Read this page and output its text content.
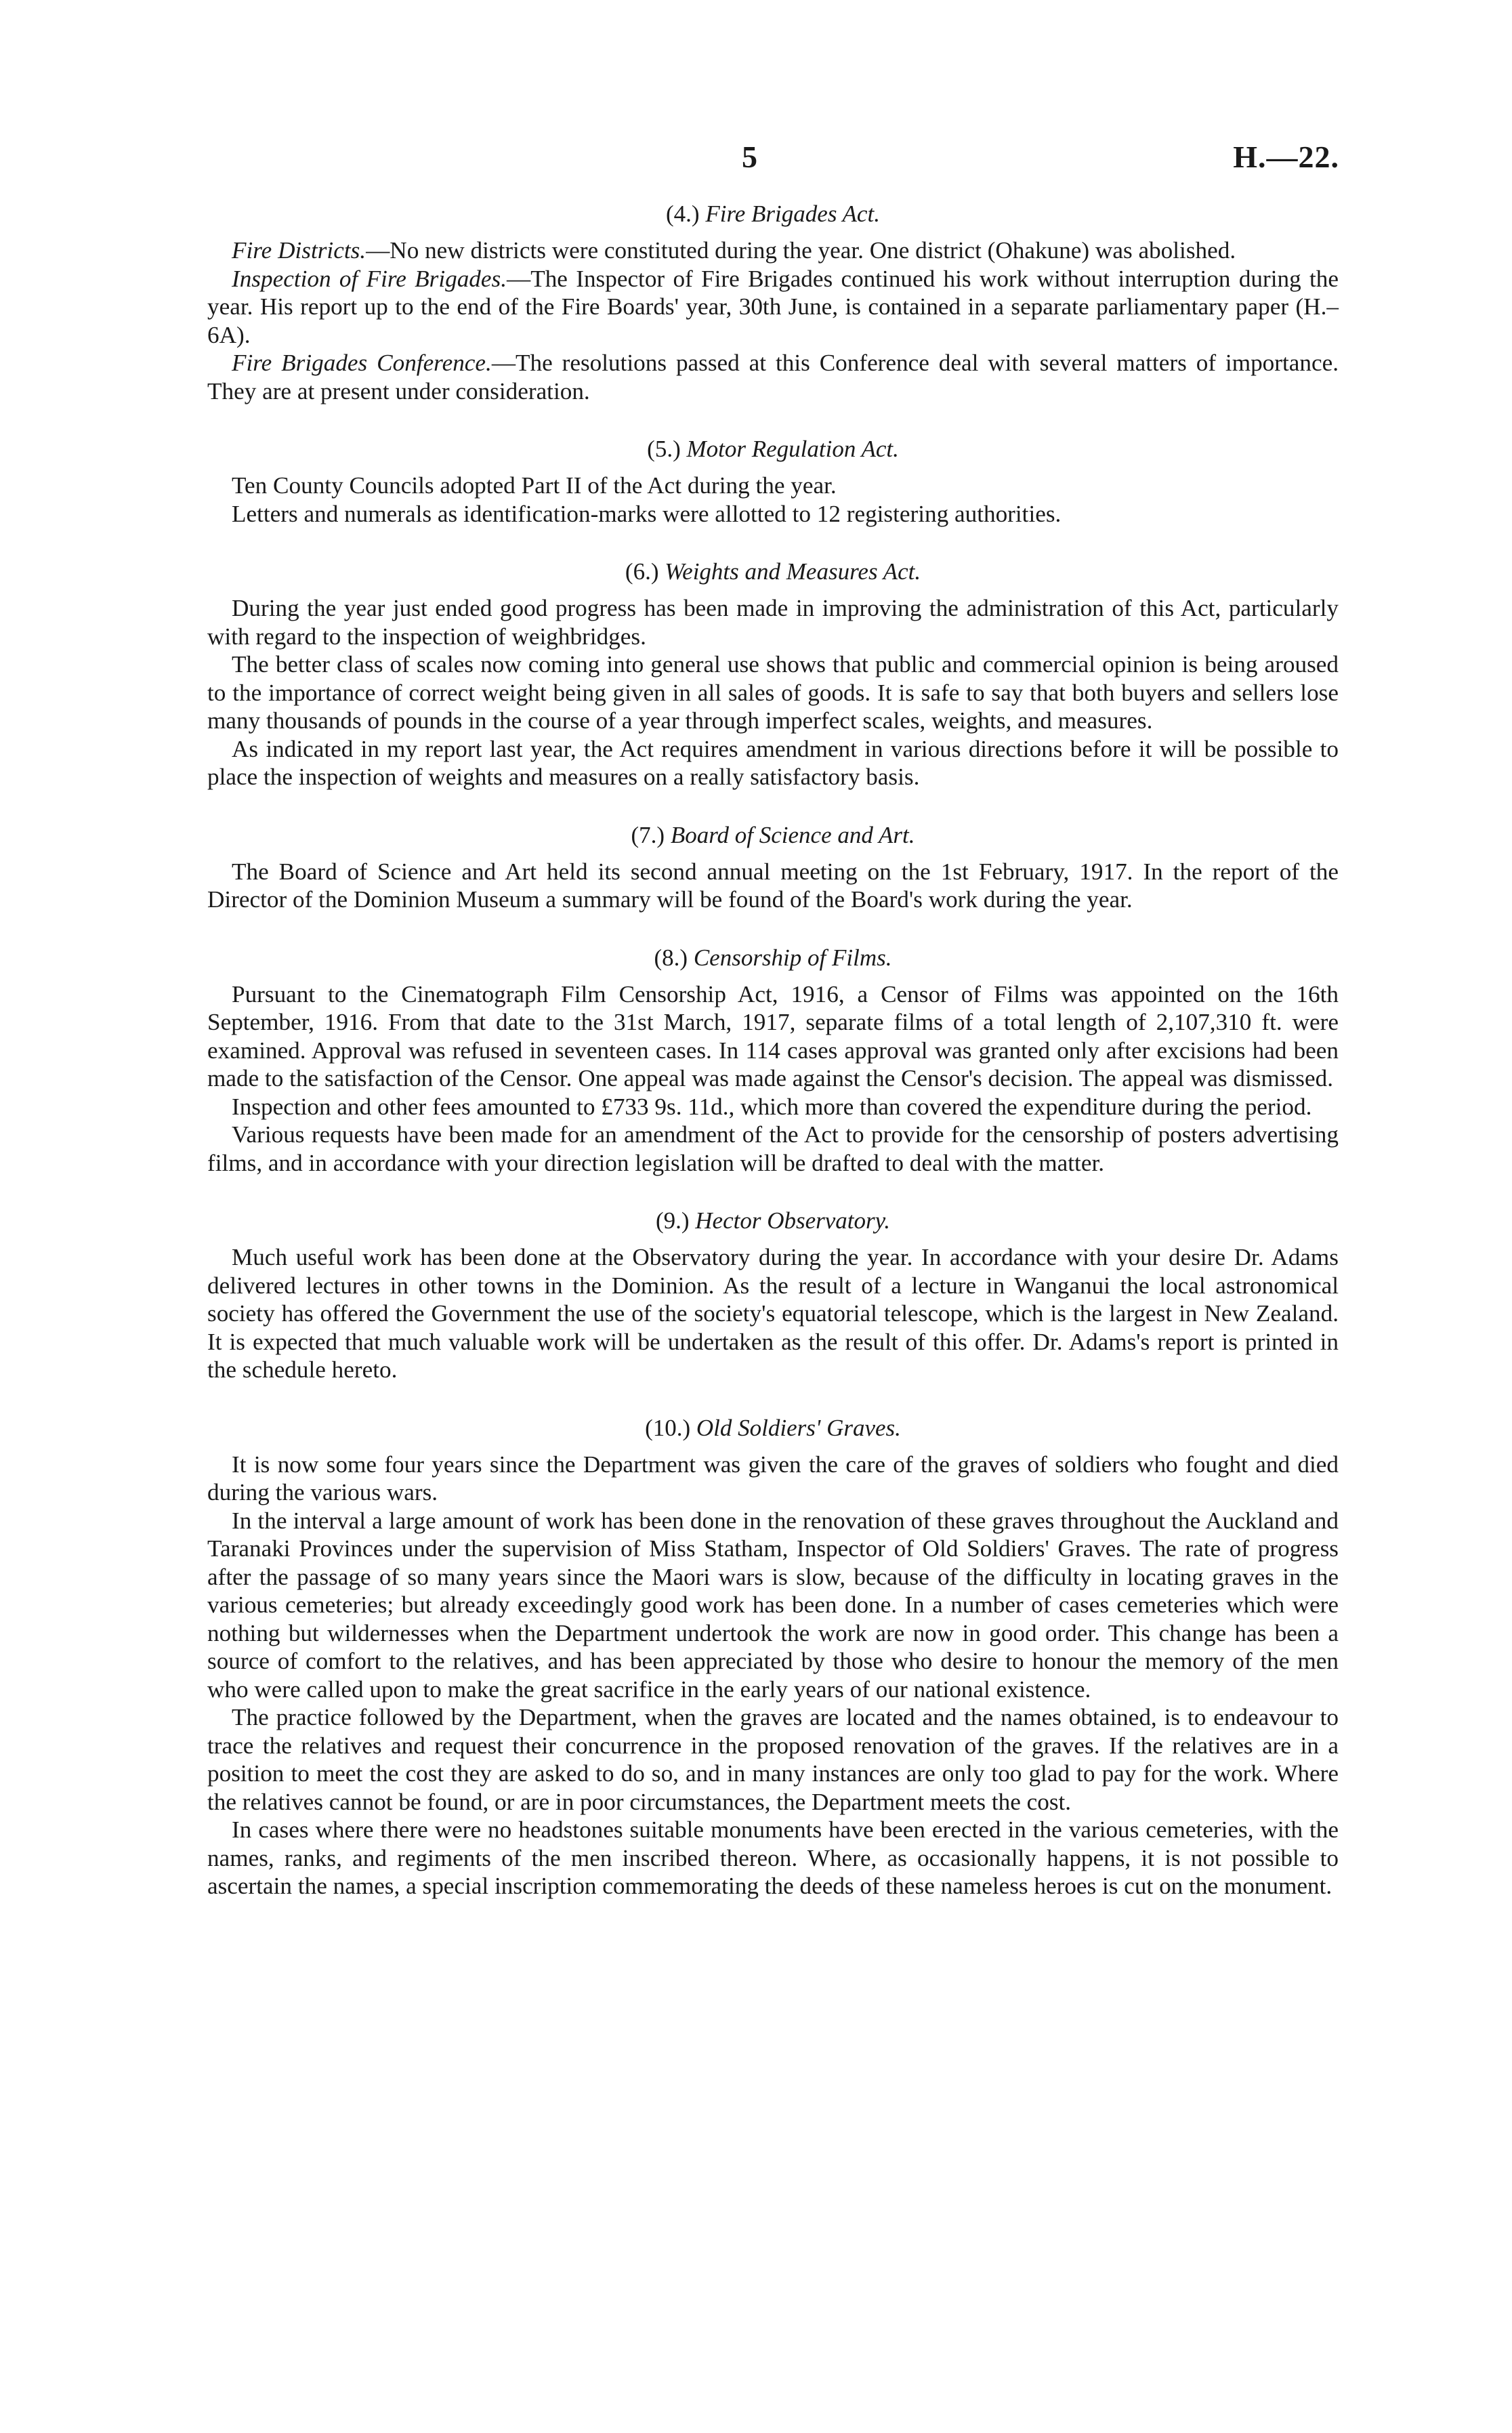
5	H.—22.
(4.) Fire Brigades Act.

Fire Districts.—No new districts were constituted during the year. One district (Ohakune) was abolished.

Inspection of Fire Brigades.—The Inspector of Fire Brigades continued his work without interruption during the year. His report up to the end of the Fire Boards' year, 30th June, is contained in a separate parliamentary paper (H.–6A).

Fire Brigades Conference.—The resolutions passed at this Conference deal with several matters of importance. They are at present under consideration.

(5.) Motor Regulation Act.

Ten County Councils adopted Part II of the Act during the year.

Letters and numerals as identification-marks were allotted to 12 registering authorities.

(6.) Weights and Measures Act.

During the year just ended good progress has been made in improving the administration of this Act, particularly with regard to the inspection of weighbridges.

The better class of scales now coming into general use shows that public and commercial opinion is being aroused to the importance of correct weight being given in all sales of goods. It is safe to say that both buyers and sellers lose many thousands of pounds in the course of a year through imperfect scales, weights, and measures.

As indicated in my report last year, the Act requires amendment in various directions before it will be possible to place the inspection of weights and measures on a really satisfactory basis.

(7.) Board of Science and Art.

The Board of Science and Art held its second annual meeting on the 1st February, 1917. In the report of the Director of the Dominion Museum a summary will be found of the Board's work during the year.

(8.) Censorship of Films.

Pursuant to the Cinematograph Film Censorship Act, 1916, a Censor of Films was appointed on the 16th September, 1916. From that date to the 31st March, 1917, separate films of a total length of 2,107,310 ft. were examined. Approval was refused in seventeen cases. In 114 cases approval was granted only after excisions had been made to the satisfaction of the Censor. One appeal was made against the Censor's decision. The appeal was dismissed.

Inspection and other fees amounted to £733 9s. 11d., which more than covered the expenditure during the period.

Various requests have been made for an amendment of the Act to provide for the censorship of posters advertising films, and in accordance with your direction legislation will be drafted to deal with the matter.

(9.) Hector Observatory.

Much useful work has been done at the Observatory during the year. In accordance with your desire Dr. Adams delivered lectures in other towns in the Dominion. As the result of a lecture in Wanganui the local astronomical society has offered the Government the use of the society's equatorial telescope, which is the largest in New Zealand. It is expected that much valuable work will be undertaken as the result of this offer. Dr. Adams's report is printed in the schedule hereto.

(10.) Old Soldiers' Graves.

It is now some four years since the Department was given the care of the graves of soldiers who fought and died during the various wars.

In the interval a large amount of work has been done in the renovation of these graves throughout the Auckland and Taranaki Provinces under the supervision of Miss Statham, Inspector of Old Soldiers' Graves. The rate of progress after the passage of so many years since the Maori wars is slow, because of the difficulty in locating graves in the various cemeteries; but already exceedingly good work has been done. In a number of cases cemeteries which were nothing but wildernesses when the Department undertook the work are now in good order. This change has been a source of comfort to the relatives, and has been appreciated by those who desire to honour the memory of the men who were called upon to make the great sacrifice in the early years of our national existence.

The practice followed by the Department, when the graves are located and the names obtained, is to endeavour to trace the relatives and request their concurrence in the proposed renovation of the graves. If the relatives are in a position to meet the cost they are asked to do so, and in many instances are only too glad to pay for the work. Where the relatives cannot be found, or are in poor circumstances, the Department meets the cost.

In cases where there were no headstones suitable monuments have been erected in the various cemeteries, with the names, ranks, and regiments of the men inscribed thereon. Where, as occasionally happens, it is not possible to ascertain the names, a special inscription commemorating the deeds of these nameless heroes is cut on the monument.
